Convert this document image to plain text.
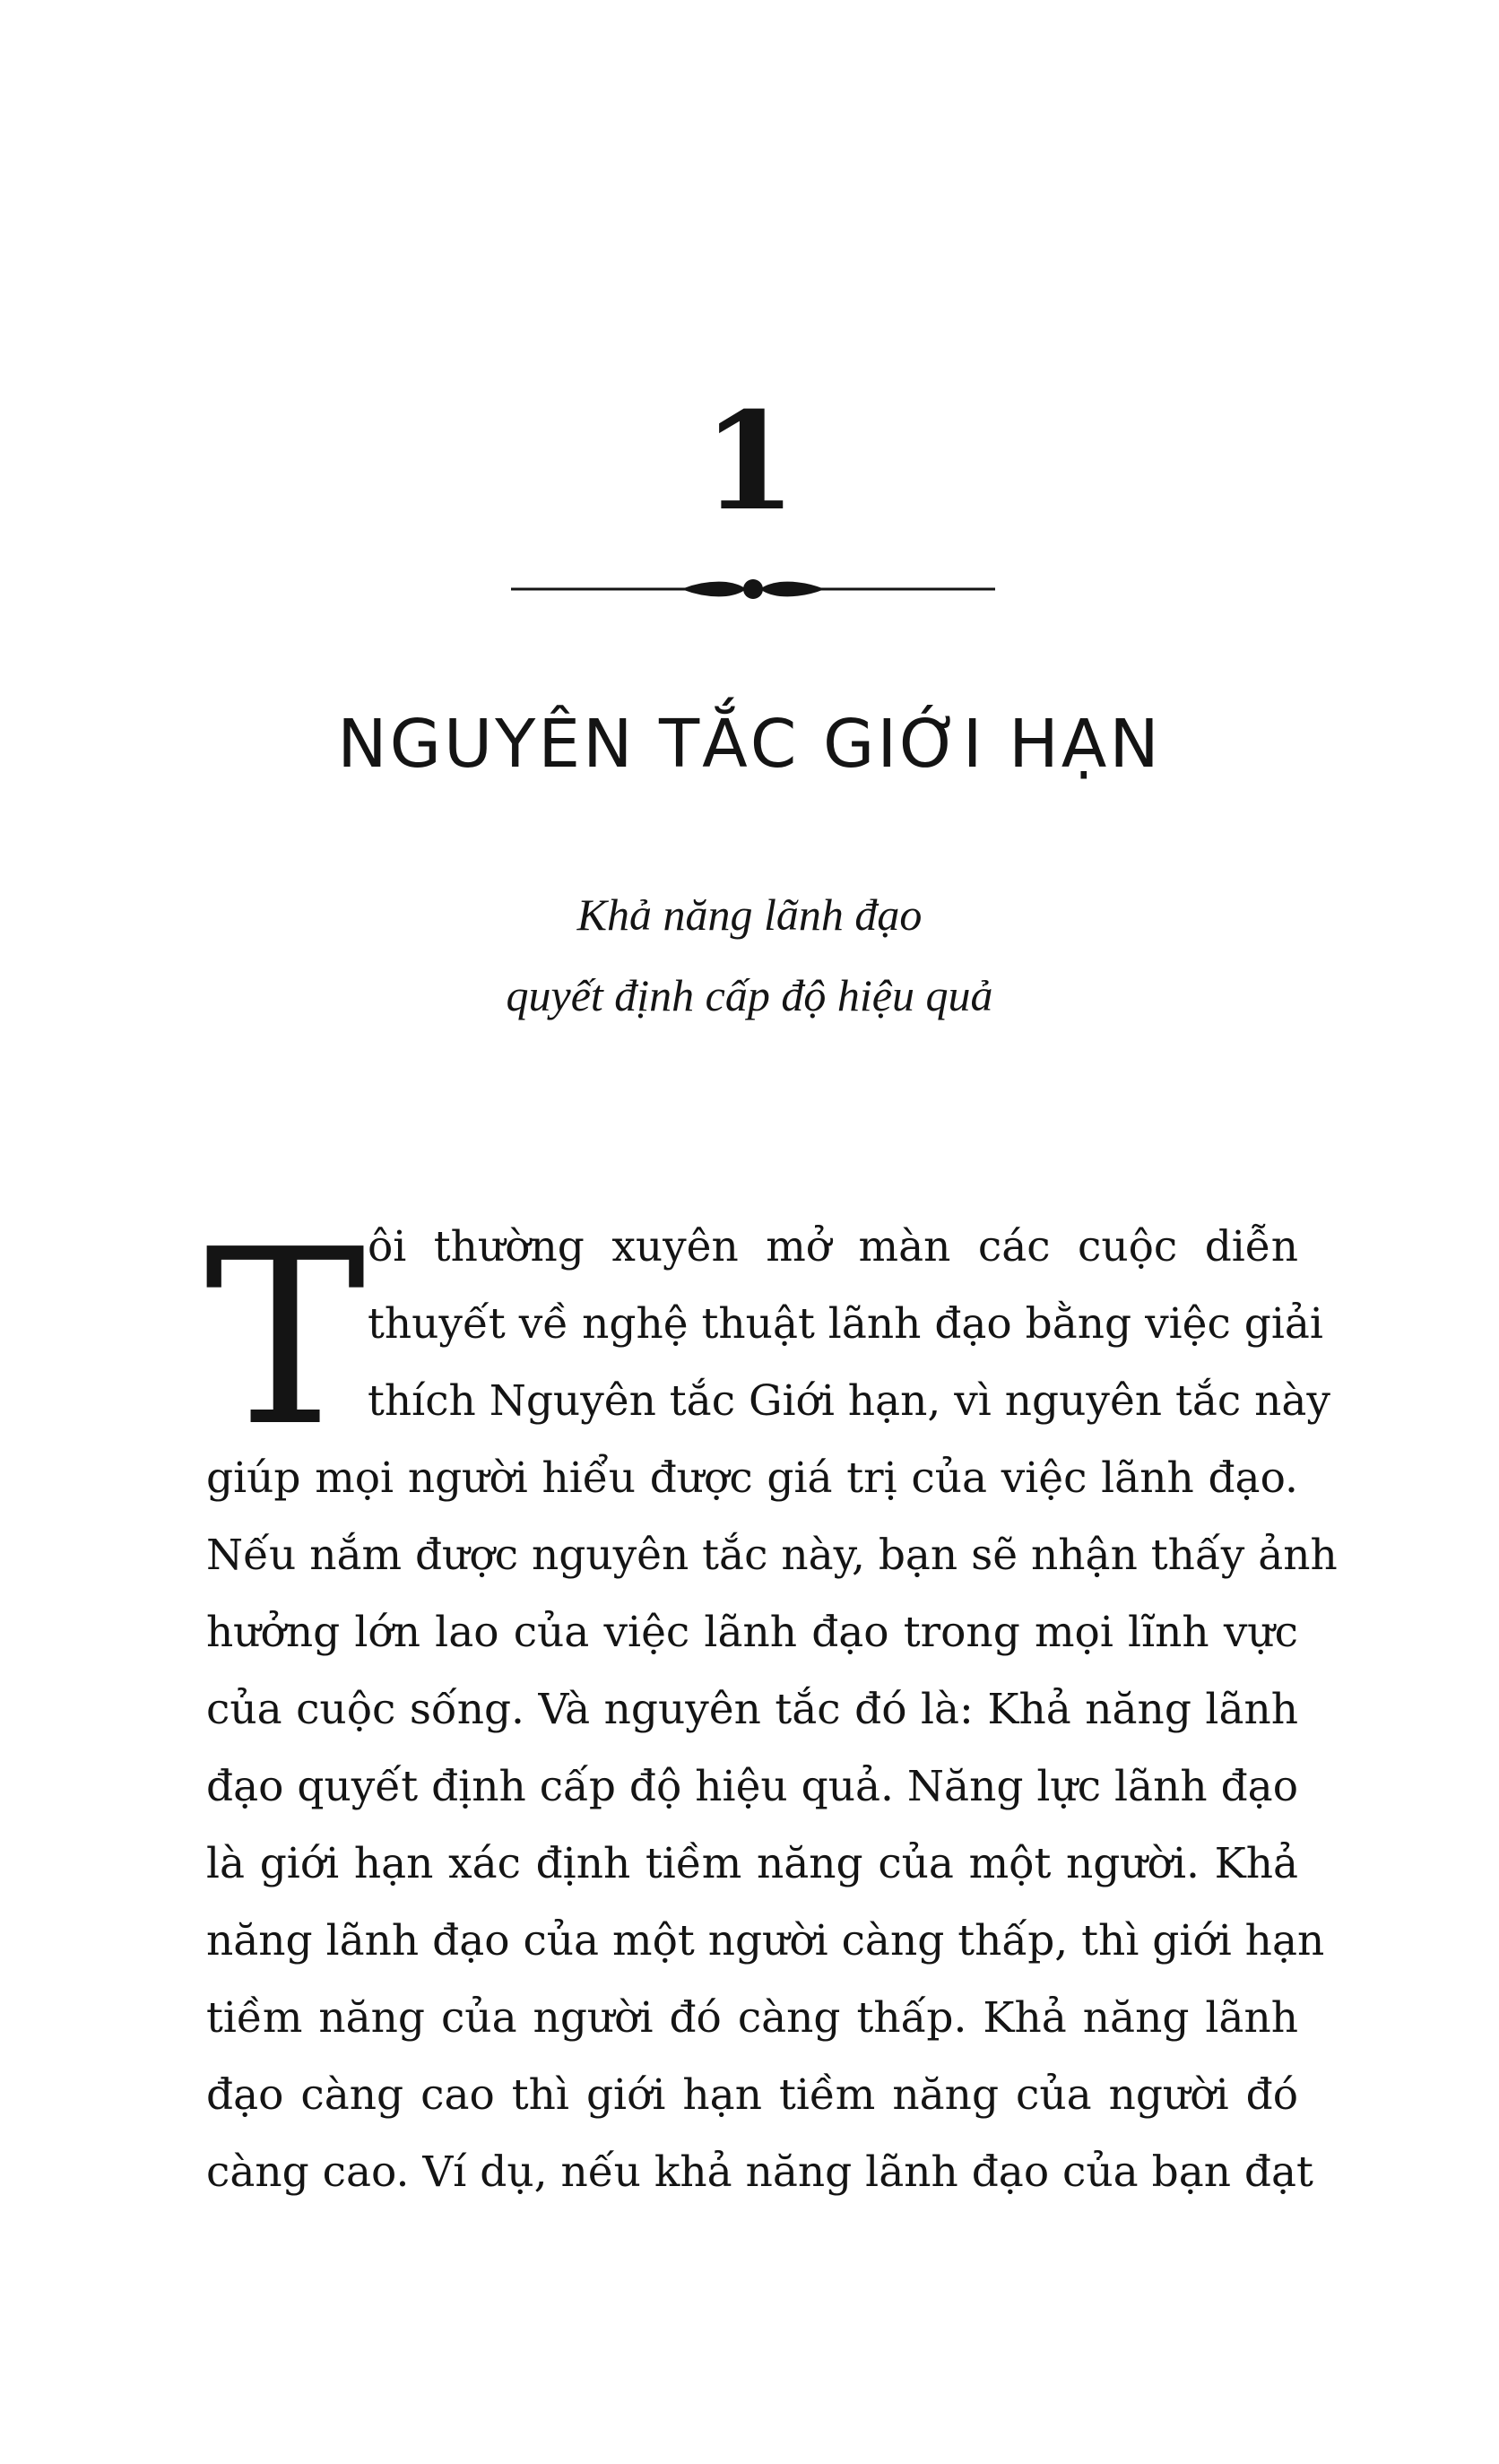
1
NGUYÊN TẮC GIỚI HẠN
Khả năng lãnh đạo
quyết định cấp độ hiệu quả
T ôi thường xuyên mở màn các cuộc diễn
thuyết về nghệ thuật lãnh đạo bằng việc giải
thích Nguyên tắc Giới hạn, vì nguyên tắc này
giúp mọi người hiểu được giá trị của việc lãnh đạo.
Nếu nắm được nguyên tắc này, bạn sẽ nhận thấy ảnh
hưởng lớn lao của việc lãnh đạo trong mọi lĩnh vực
của cuộc sống. Và nguyên tắc đó là: Khả năng lãnh
đạo quyết định cấp độ hiệu quả. Năng lực lãnh đạo
là giới hạn xác định tiềm năng của một người. Khả
năng lãnh đạo của một người càng thấp, thì giới hạn
tiềm năng của người đó càng thấp. Khả năng lãnh
đạo càng cao thì giới hạn tiềm năng của người đó
càng cao. Ví dụ, nếu khả năng lãnh đạo của bạn đạt
